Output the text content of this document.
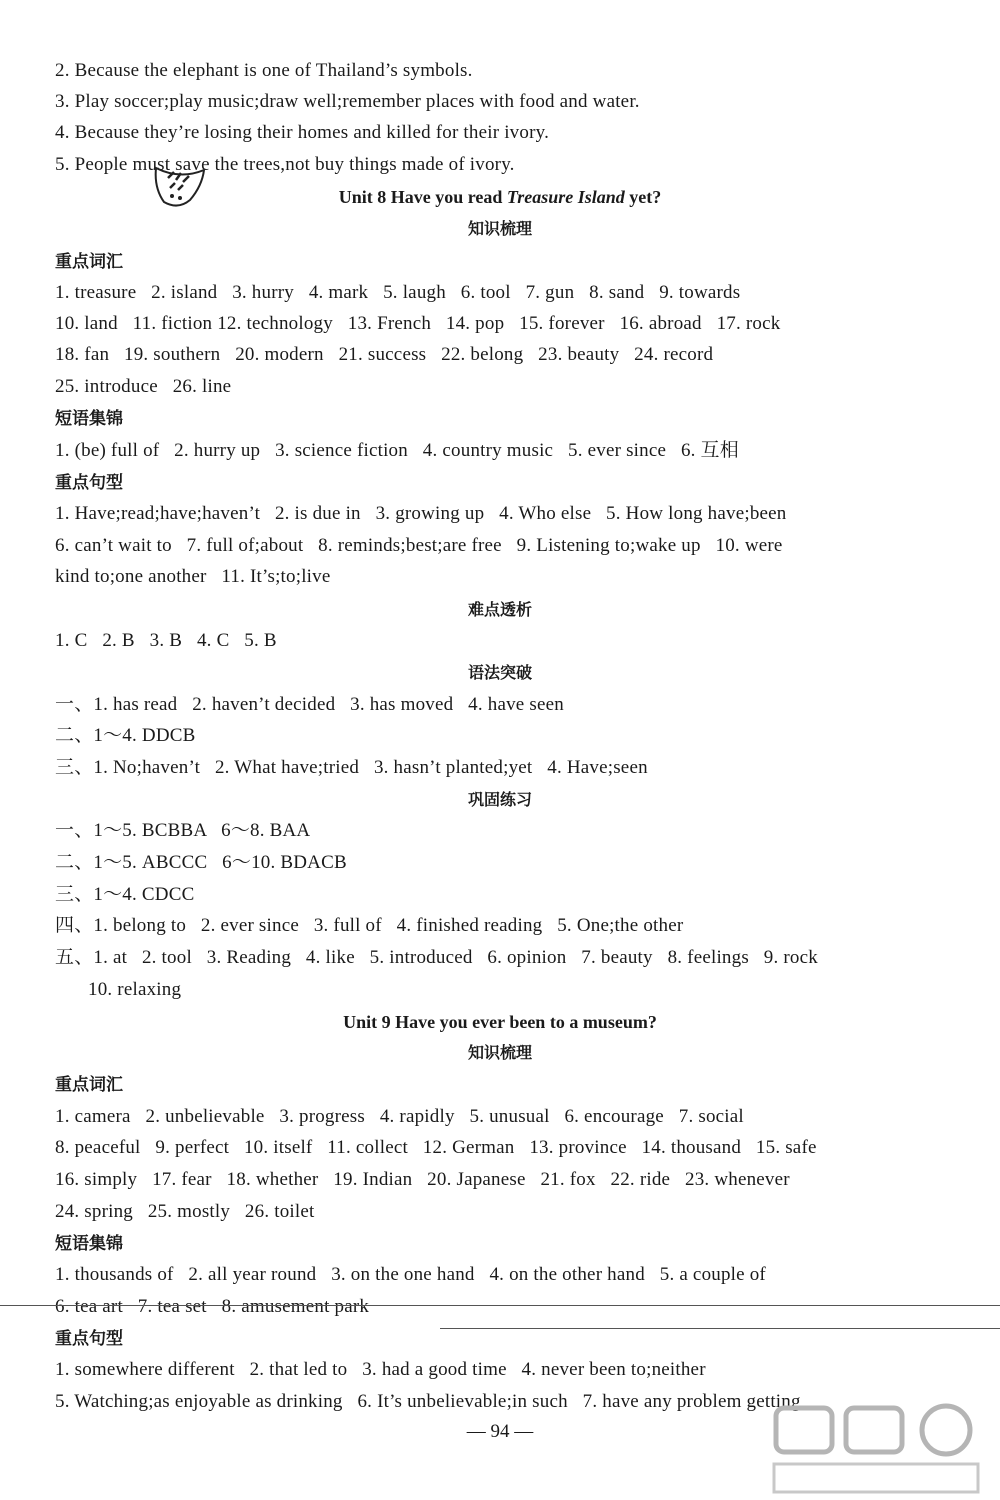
2. Because the elephant is one of Thailand’s symbols.
3. Play soccer;play music;draw well;remember places with food and water.
4. Because they’re losing their homes and killed for their ivory.
5. People must save the trees,not buy things made of ivory.
Unit 8 Have you read Treasure Island yet?
知识梳理
重点词汇
1. treasure   2. island   3. hurry   4. mark   5. laugh   6. tool   7. gun   8. sand   9. towards
10. land   11. fiction 12. technology   13. French   14. pop   15. forever   16. abroad   17. rock
18. fan   19. southern   20. modern   21. success   22. belong   23. beauty   24. record
25. introduce   26. line
短语集锦
1. (be) full of   2. hurry up   3. science fiction   4. country music   5. ever since   6. 互相
重点句型
1. Have;read;have;haven’t   2. is due in   3. growing up   4. Who else   5. How long have;been
6. can’t wait to   7. full of;about   8. reminds;best;are free   9. Listening to;wake up   10. were
kind to;one another   11. It’s;to;live
难点透析
1. C   2. B   3. B   4. C   5. B
语法突破
一、1. has read   2. haven’t decided   3. has moved   4. have seen
二、1～4. DDCB
三、1. No;haven’t   2. What have;tried   3. hasn’t planted;yet   4. Have;seen
巩固练习
一、1～5. BCBBA   6～8. BAA
二、1～5. ABCCC   6～10. BDACB
三、1～4. CDCC
四、1. belong to   2. ever since   3. full of   4. finished reading   5. One;the other
五、1. at   2. tool   3. Reading   4. like   5. introduced   6. opinion   7. beauty   8. feelings   9. rock
10. relaxing
Unit 9 Have you ever been to a museum?
知识梳理
重点词汇
1. camera   2. unbelievable   3. progress   4. rapidly   5. unusual   6. encourage   7. social
8. peaceful   9. perfect   10. itself   11. collect   12. German   13. province   14. thousand   15. safe
16. simply   17. fear   18. whether   19. Indian   20. Japanese   21. fox   22. ride   23. whenever
24. spring   25. mostly   26. toilet
短语集锦
1. thousands of   2. all year round   3. on the one hand   4. on the other hand   5. a couple of
6. tea art   7. tea set   8. amusement park
重点句型
1. somewhere different   2. that led to   3. had a good time   4. never been to;neither
5. Watching;as enjoyable as drinking   6. It’s unbelievable;in such   7. have any problem getting
— 94 —
